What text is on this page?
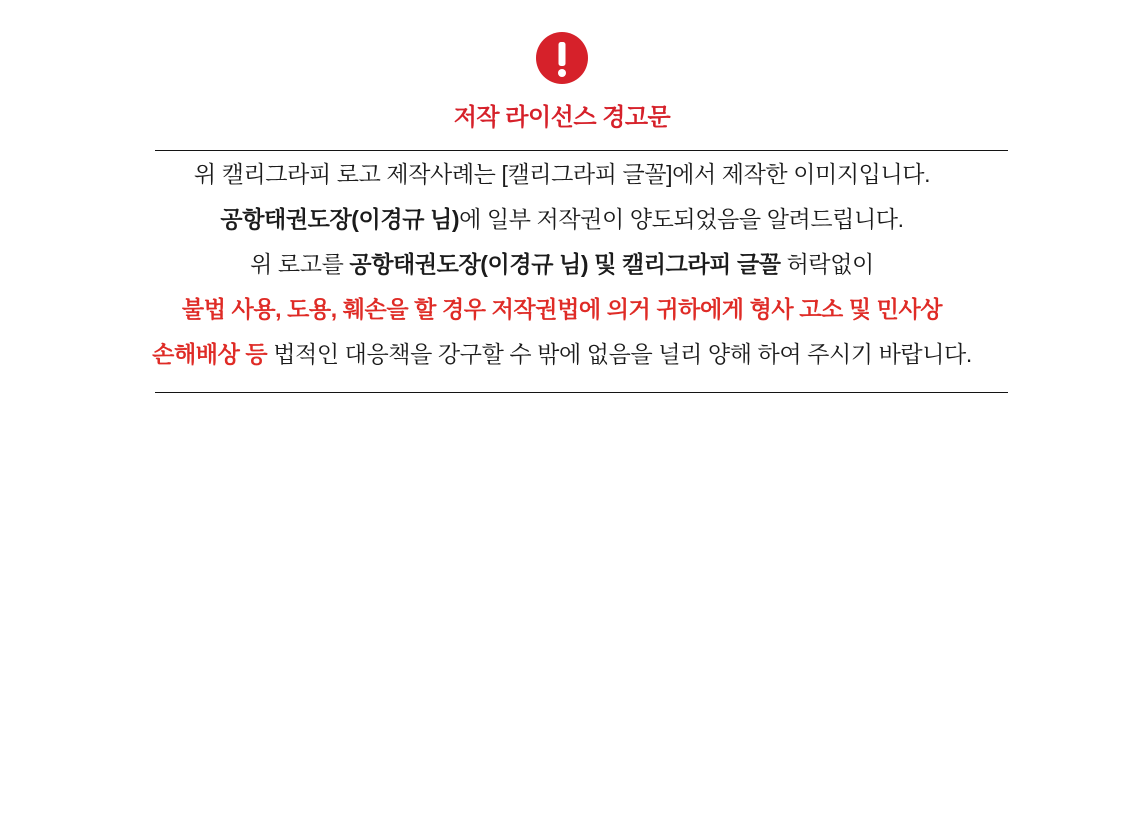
저작 라이선스 경고문
위 캘리그라피 로고 제작사례는 [캘리그라피 글꼴]에서 제작한 이미지입니다.
공항태권도장(이경규 님)에 일부 저작권이 양도되었음을 알려드립니다.
위 로고를 공항태권도장(이경규 님) 및 캘리그라피 글꼴 허락없이
불법 사용, 도용, 훼손을 할 경우 저작권법에 의거 귀하에게 형사 고소 및 민사상
손해배상 등 법적인 대응책을 강구할 수 밖에 없음을 널리 양해 하여 주시기 바랍니다.
